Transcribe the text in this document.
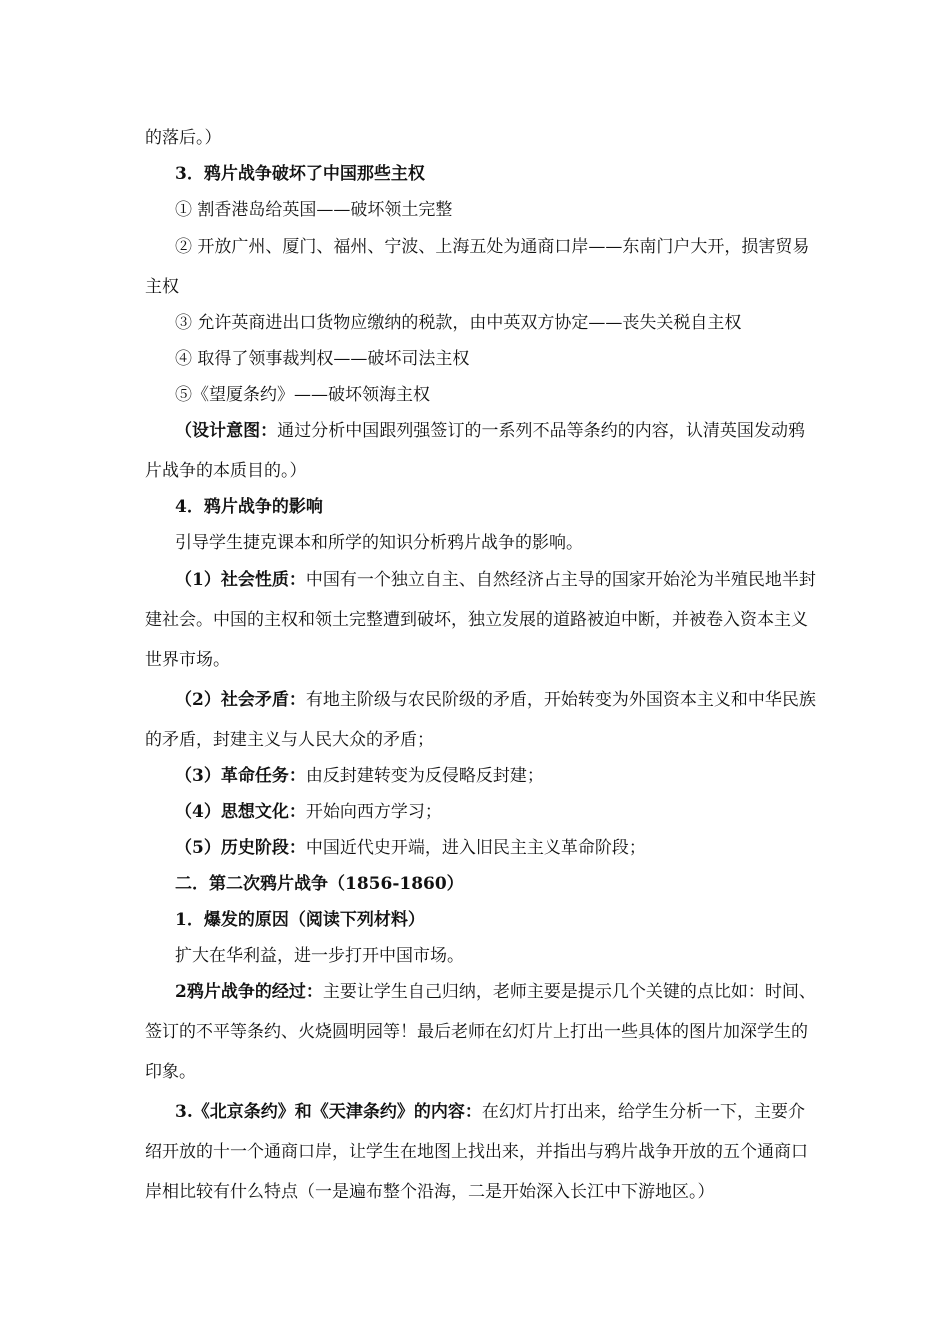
的落后。）
3．鸦片战争破坏了中国那些主权
① 割香港岛给英国——破坏领土完整
② 开放广州、厦门、福州、宁波、上海五处为通商口岸——东南门户大开，损害贸易
主权
③ 允许英商进出口货物应缴纳的税款，由中英双方协定——丧失关税自主权
④ 取得了领事裁判权——破坏司法主权
⑤《望厦条约》——破坏领海主权
（设计意图：通过分析中国跟列强签订的一系列不品等条约的内容，认清英国发动鸦
片战争的本质目的。）
4．鸦片战争的影响
引导学生捷克课本和所学的知识分析鸦片战争的影响。
（1）社会性质：中国有一个独立自主、自然经济占主导的国家开始沦为半殖民地半封
建社会。中国的主权和领土完整遭到破坏，独立发展的道路被迫中断，并被卷入资本主义
世界市场。
（2）社会矛盾：有地主阶级与农民阶级的矛盾，开始转变为外国资本主义和中华民族
的矛盾，封建主义与人民大众的矛盾；
（3）革命任务：由反封建转变为反侵略反封建；
（4）思想文化：开始向西方学习；
（5）历史阶段：中国近代史开端，进入旧民主主义革命阶段；
二．第二次鸦片战争（1856-1860）
1．爆发的原因（阅读下列材料）
扩大在华利益，进一步打开中国市场。
2鸦片战争的经过：主要让学生自己归纳，老师主要是提示几个关键的点比如：时间、
签订的不平等条约、火烧圆明园等！最后老师在幻灯片上打出一些具体的图片加深学生的
印象。
3.《北京条约》和《天津条约》的内容：在幻灯片打出来，给学生分析一下，主要介
绍开放的十一个通商口岸，让学生在地图上找出来，并指出与鸦片战争开放的五个通商口
岸相比较有什么特点（一是遍布整个沿海，二是开始深入长江中下游地区。）
